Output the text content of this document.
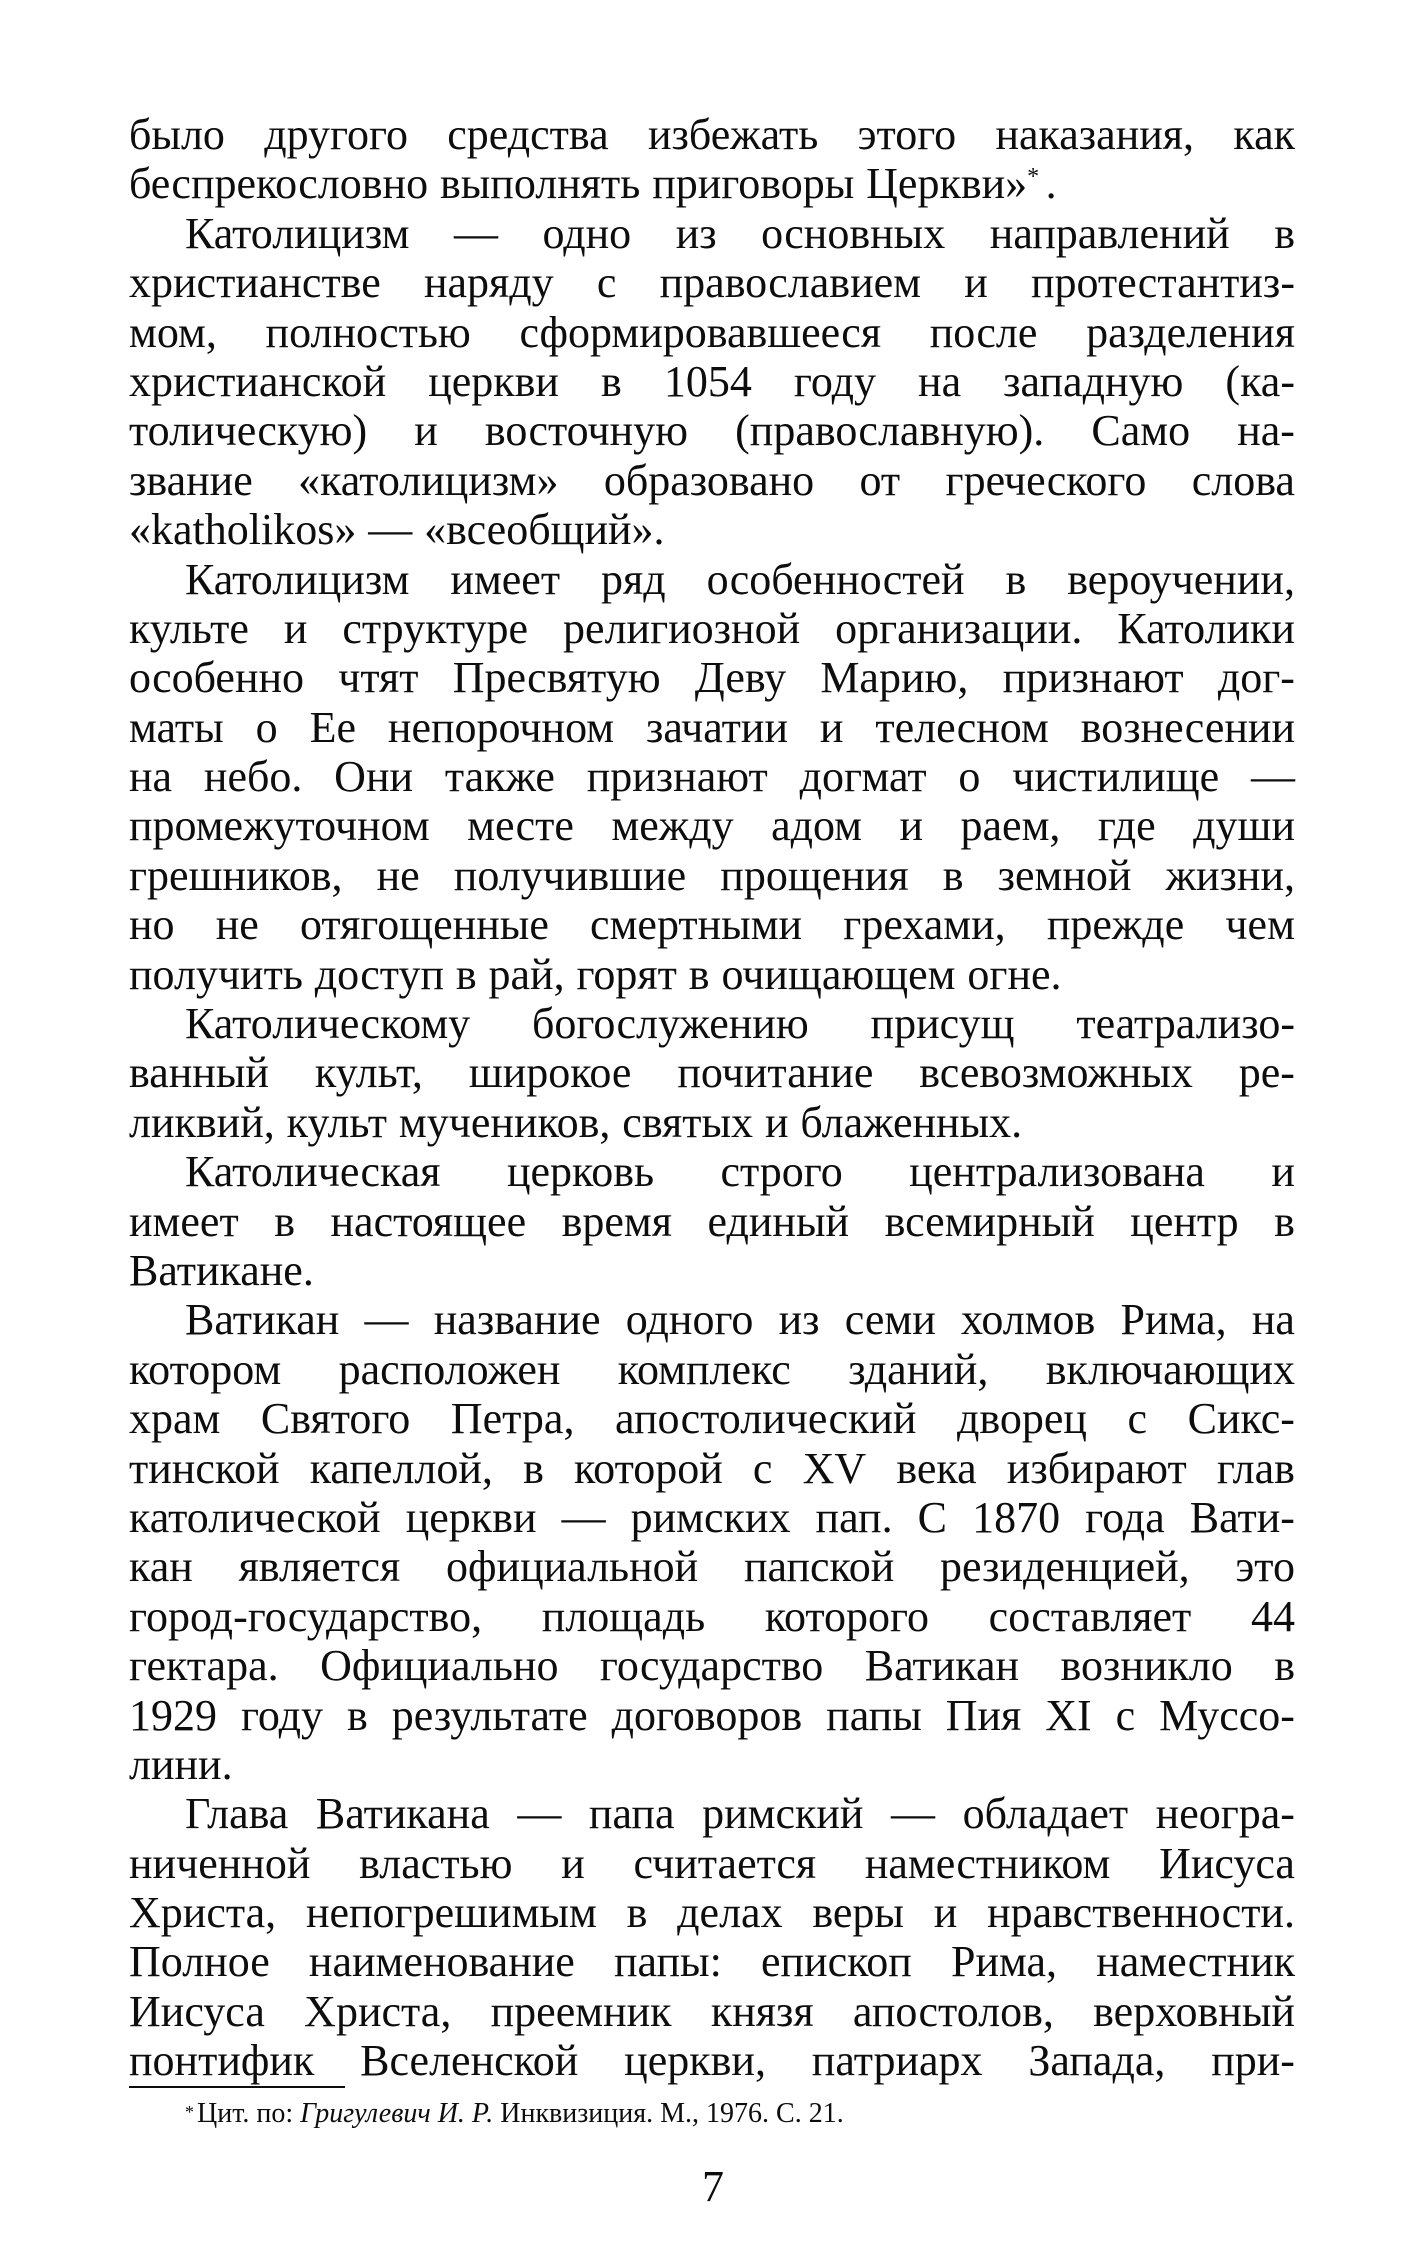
было другого средства избежать этого наказания, как
беспрекословно выполнять приговоры Церкви»* .
Католицизм — одно из основных направлений в
христианстве наряду с православием и протестантиз-
мом, полностью сформировавшееся после разделения
христианской церкви в 1054 году на западную (ка-
толическую) и восточную (православную). Само на-
звание «католицизм» образовано от греческого слова
«katholikos» — «всеобщий».
Католицизм имеет ряд особенностей в вероучении,
культе и структуре религиозной организации. Католики
особенно чтят Пресвятую Деву Марию, признают дог-
маты о Ее непорочном зачатии и телесном вознесении
на небо. Они также признают догмат о чистилище —
промежуточном месте между адом и раем, где души
грешников, не получившие прощения в земной жизни,
но не отягощенные смертными грехами, прежде чем
получить доступ в рай, горят в очищающем огне.
Католическому богослужению присущ театрализо-
ванный культ, широкое почитание всевозможных ре-
ликвий, культ мучеников, святых и блаженных.
Католическая церковь строго централизована и
имеет в настоящее время единый всемирный центр в
Ватикане.
Ватикан — название одного из семи холмов Рима, на
котором расположен комплекс зданий, включающих
храм Святого Петра, апостолический дворец с Сикс-
тинской капеллой, в которой с XV века избирают глав
католической церкви — римских пап. С 1870 года Вати-
кан является официальной папской резиденцией, это
город-государство, площадь которого составляет 44
гектара. Официально государство Ватикан возникло в
1929 году в результате договоров папы Пия XI с Муссо-
лини.
Глава Ватикана — папа римский — обладает неогра-
ниченной властью и считается наместником Иисуса
Христа, непогрешимым в делах веры и нравственности.
Полное наименование папы: епископ Рима, наместник
Иисуса Христа, преемник князя апостолов, верховный
понтифик Вселенской церкви, патриарх Запада, при-
* Цит. по: Григулевич И. Р. Инквизиция. М., 1976. С. 21.
7
